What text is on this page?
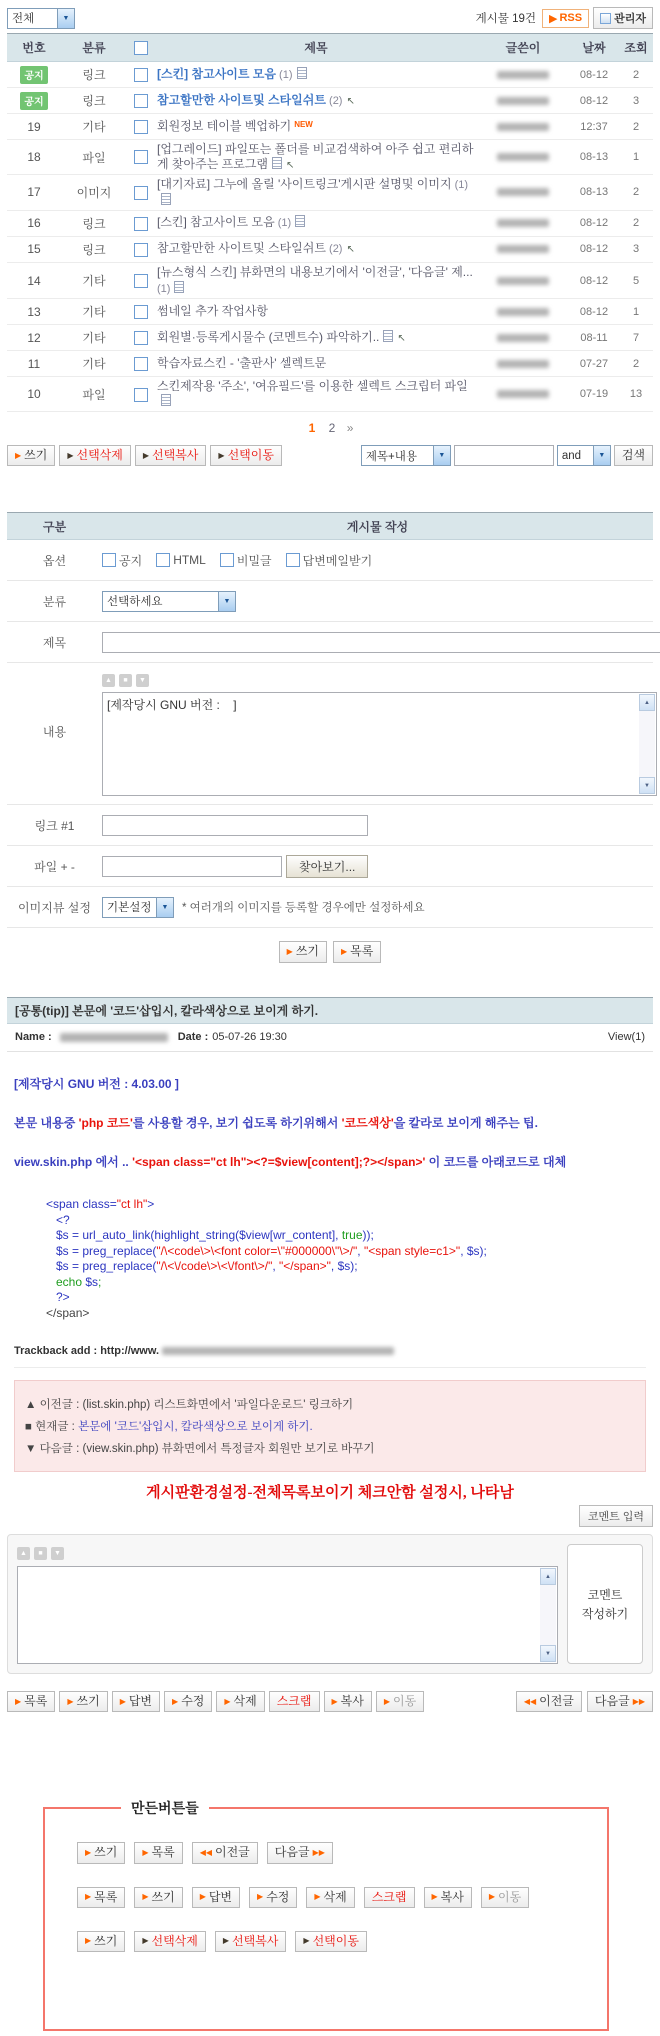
전체	▼	게시물 19건 ▶ RSS	관리자
번호	분류		제목	글쓴이	날짜	조회
공지	링크		[스킨] 참고사이트 모음 (1)		08-12	2
공지	링크		참고할만한 사이트및 스타일쉬트 (2) ↖		08-12	3
19	기타		회원정보 테이블 벡업하기 $^{NEW}$		12:37	2
18	파일		[업그레이드] 파일또는 폴더를 비교검색하여 아주 쉽고 편리하게 찾아주는 프로그램 ↖		08-13	1
17	이미지		[대기자료] 그누에 올릴 '사이트링크'게시판 설명및 이미지 (1)		08-13	2
16	링크		[스킨] 참고사이트 모음 (1)		08-12	2
15	링크		참고할만한 사이트및 스타일쉬트 (2) ↖		08-12	3
14	기타		[뉴스형식 스킨] 뷰화면의 내용보기에서 '이전글', '다음글' 제... (1)		08-12	5
13	기타		썸네일 추가 작업사항		08-12	1
12	기타		회원별·등록게시물수 (코멘트수) 파악하기.. ↖		08-11	7
11	기타		학습자료스킨 - '출판사' 셀렉트문		07-27	2
10	파일		스킨제작용 '주소', '여유필드'를 이용한 셀렉트 스크립터 파일		07-19	13
1 2 »
▶ 쓰기	▶ 선택삭제	▶ 선택복사	▶ 선택이동	제목+내용	▼	and	▼	검색
구분	게시물 작성
옵션	공지	HTML	비밀글	답변메일받기
분류	선택하세요	▼
제목
내용
▲ ■ ▼
[제작당시 GNU 버전 :    ]	▲
▼
링크 #1
파일 + -	찾아보기...
이미지뷰 설정	기본설정	▼	* 여러개의 이미지를 등록할 경우에만 설정하세요
▶ 쓰기	▶ 목록
[공통(tip)] 본문에 '코드'삽입시, 칼라색상으로 보이게 하기.
Name :	Date : 05-07-26 19:30	View(1)
[제작당시 GNU 버전 : 4.03.00 ]
본문 내용중 'php 코드'를 사용할 경우, 보기 쉽도록 하기위해서 '코드색상'을 칼라로 보이게 해주는 팁.
view.skin.php 에서 .. '<span class="ct lh"><?=$view[content];?></span>' 이 코드를 아래코드로 대체
<span class="ct lh">
<?
$s = url_auto_link(highlight_string($view[wr_content], true));
$s = preg_replace("/\<code\>\<font color=\"#000000\"\>/", "<span style=c1>", $s);
$s = preg_replace("/\<\/code\>\<\/font\>/", "</span>", $s);
echo $s;
?>
</span>
Trackback add : http://www.
▲ 이전글 : (list.skin.php) 리스트화면에서 '파일다운로드' 링크하기
■ 현재글 : 본문에 '코드'삽입시, 칼라색상으로 보이게 하기.
▼ 다음글 : (view.skin.php) 뷰화면에서 특정글자 회원만 보기로 바꾸기
게시판환경설정-전체목록보이기 체크안함 설정시, 나타남
코멘트 입력
▲ ■ ▼
▲
▼
코멘트
작성하기
▶ 목록	▶ 쓰기	▶ 답변	▶ 수정	▶ 삭제 스크랩	▶ 복사	▶ 이동	◀◀ 이전글 다음글 ▶▶
만든버튼들
▶ 쓰기	▶ 목록	◀◀ 이전글 다음글 ▶▶
▶ 목록	▶ 쓰기	▶ 답변	▶ 수정	▶ 삭제 스크랩	▶ 복사	▶ 이동
▶ 쓰기	▶ 선택삭제	▶ 선택복사	▶ 선택이동
